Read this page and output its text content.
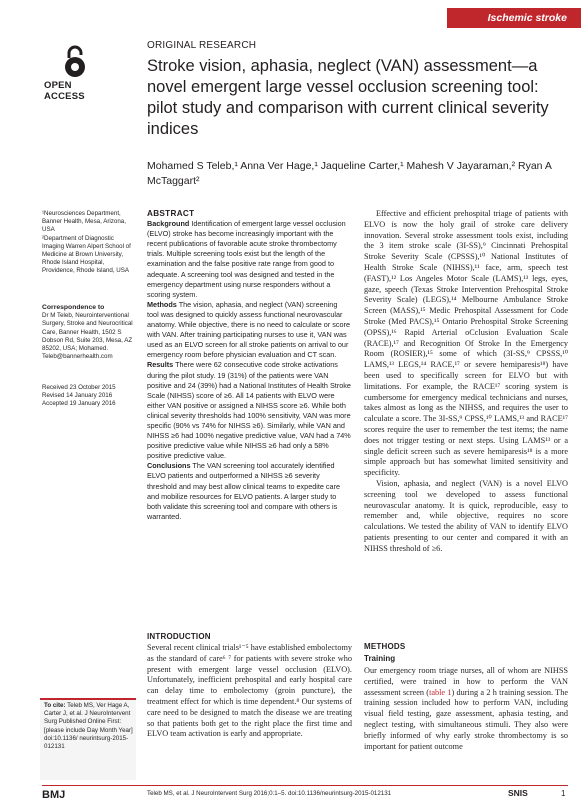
Ischemic stroke
OPEN ACCESS
ORIGINAL RESEARCH
Stroke vision, aphasia, neglect (VAN) assessment—a novel emergent large vessel occlusion screening tool: pilot study and comparison with current clinical severity indices
Mohamed S Teleb,¹ Anna Ver Hage,¹ Jaqueline Carter,¹ Mahesh V Jayaraman,² Ryan A McTaggart²
¹Neurosciences Department, Banner Health, Mesa, Arizona, USA
²Department of Diagnostic Imaging Warren Alpert School of Medicine at Brown University, Rhode Island Hospital, Providence, Rhode Island, USA
Correspondence to
Dr M Teleb, Neurointerventional Surgery, Stroke and Neurocritical Care, Banner Health, 1502 S Dobson Rd, Suite 203, Mesa, AZ 85202, USA; Mohamed. Teleb@bannerhealth.com
Received 23 October 2015
Revised 14 January 2016
Accepted 19 January 2016
To cite: Teleb MS, Ver Hage A, Carter J, et al. J NeuroIntervent Surg Published Online First: [please include Day Month Year] doi:10.1136/ neurintsurg-2015-012131
ABSTRACT
Background Identification of emergent large vessel occlusion (ELVO) stroke has become increasingly important with the recent publications of favorable acute stroke thrombectomy trials. Multiple screening tools exist but the length of the examination and the false positive rate range from good to adequate. A screening tool was designed and tested in the emergency department using nurse responders without a scoring system.
Methods The vision, aphasia, and neglect (VAN) screening tool was designed to quickly assess functional neurovascular anatomy. While objective, there is no need to calculate or score with VAN. After training participating nurses to use it, VAN was used as an ELVO screen for all stroke patients on arrival to our emergency room before physician evaluation and CT scan.
Results There were 62 consecutive code stroke activations during the pilot study. 19 (31%) of the patients were VAN positive and 24 (39%) had a National Institutes of Health Stroke Scale (NIHSS) score of ≥6. All 14 patients with ELVO were either VAN positive or assigned a NIHSS score ≥6. While both clinical severity thresholds had 100% sensitivity, VAN was more specific (90% vs 74% for NIHSS ≥6). Similarly, while VAN and NIHSS ≥6 had 100% negative predictive value, VAN had a 74% positive predictive value while NIHSS ≥6 had only a 58% positive predictive value.
Conclusions The VAN screening tool accurately identified ELVO patients and outperformed a NIHSS ≥6 severity threshold and may best allow clinical teams to expedite care and mobilize resources for ELVO patients. A larger study to both validate this screening tool and compare with others is warranted.
INTRODUCTION
Several recent clinical trials¹⁻⁵ have established embolectomy as the standard of care⁶ ⁷ for patients with severe stroke who present with emergent large vessel occlusion (ELVO). Unfortunately, inefficient prehospital and early hospital care can delay time to embolectomy (groin puncture), the treatment effect for which is time dependent.⁸ Our systems of care need to be designed to match the disease we are treating so that patients both get to the right place the first time and ELVO team activation is early and appropriate.
Effective and efficient prehospital triage of patients with ELVO is now the holy grail of stroke care delivery innovation. Several stroke assessment tools exist, including the 3 item stroke scale (3I-SS),⁹ Cincinnati Prehospital Stroke Severity Scale (CPSSS),¹⁰ National Institutes of Health Stroke Scale (NIHSS),¹¹ face, arm, speech test (FAST),¹² Los Angeles Motor Scale (LAMS),¹³ legs, eyes, gaze, speech (Texas Stroke Intervention Prehospital Stroke Severity Scale) (LEGS),¹⁴ Melbourne Ambulance Stroke Screen (MASS),¹⁵ Medic Prehospital Assessment for Code Stroke (Med PACS),¹⁵ Ontario Prehospital Stroke Screening (OPSS),¹⁶ Rapid Arterial oCclusion Evaluation Scale (RACE),¹⁷ and Recognition Of Stroke In the Emergency Room (ROSIER),¹⁵ some of which (3I-SS,⁹ CPSSS,¹⁰ LAMS,¹³ LEGS,¹⁴ RACE,¹⁷ or severe hemiparesis¹⁸) have been used to specifically screen for ELVO but with limitations. For example, the RACE¹⁷ scoring system is cumbersome for emergency medical technicians and nurses, takes almost as long as the NIHSS, and requires the user to calculate a score. The 3I-SS,⁹ CPSS,¹⁰ LAMS,¹³ and RACE¹⁷ scores require the user to remember the test items; the name does not trigger testing or next steps. Using LAMS¹³ or a single deficit screen such as severe hemiparesis¹⁸ is a more simple approach but has somewhat limited sensitivity and specificity.
Vision, aphasia, and neglect (VAN) is a novel ELVO screening tool we developed to assess functional neurovascular anatomy. It is quick, reproducible, easy to remember and, while objective, requires no score calculations. We tested the ability of VAN to identify ELVO patients presenting to our center and compared it with an NIHSS threshold of ≥6.
METHODS
Training
Our emergency room triage nurses, all of whom are NIHSS certified, were trained in how to perform the VAN assessment screen (table 1) during a 2 h training session. The training session included how to perform VAN, including visual field testing, gaze assessment, aphasia testing, and neglect testing, with simultaneous stimuli. They also were briefly informed of why early stroke thrombectomy is so important for patient outcome
BMJ	Teleb MS, et al. J NeuroIntervent Surg 2016;0:1–5. doi:10.1136/neurintsurg-2015-012131	SNIS	1
